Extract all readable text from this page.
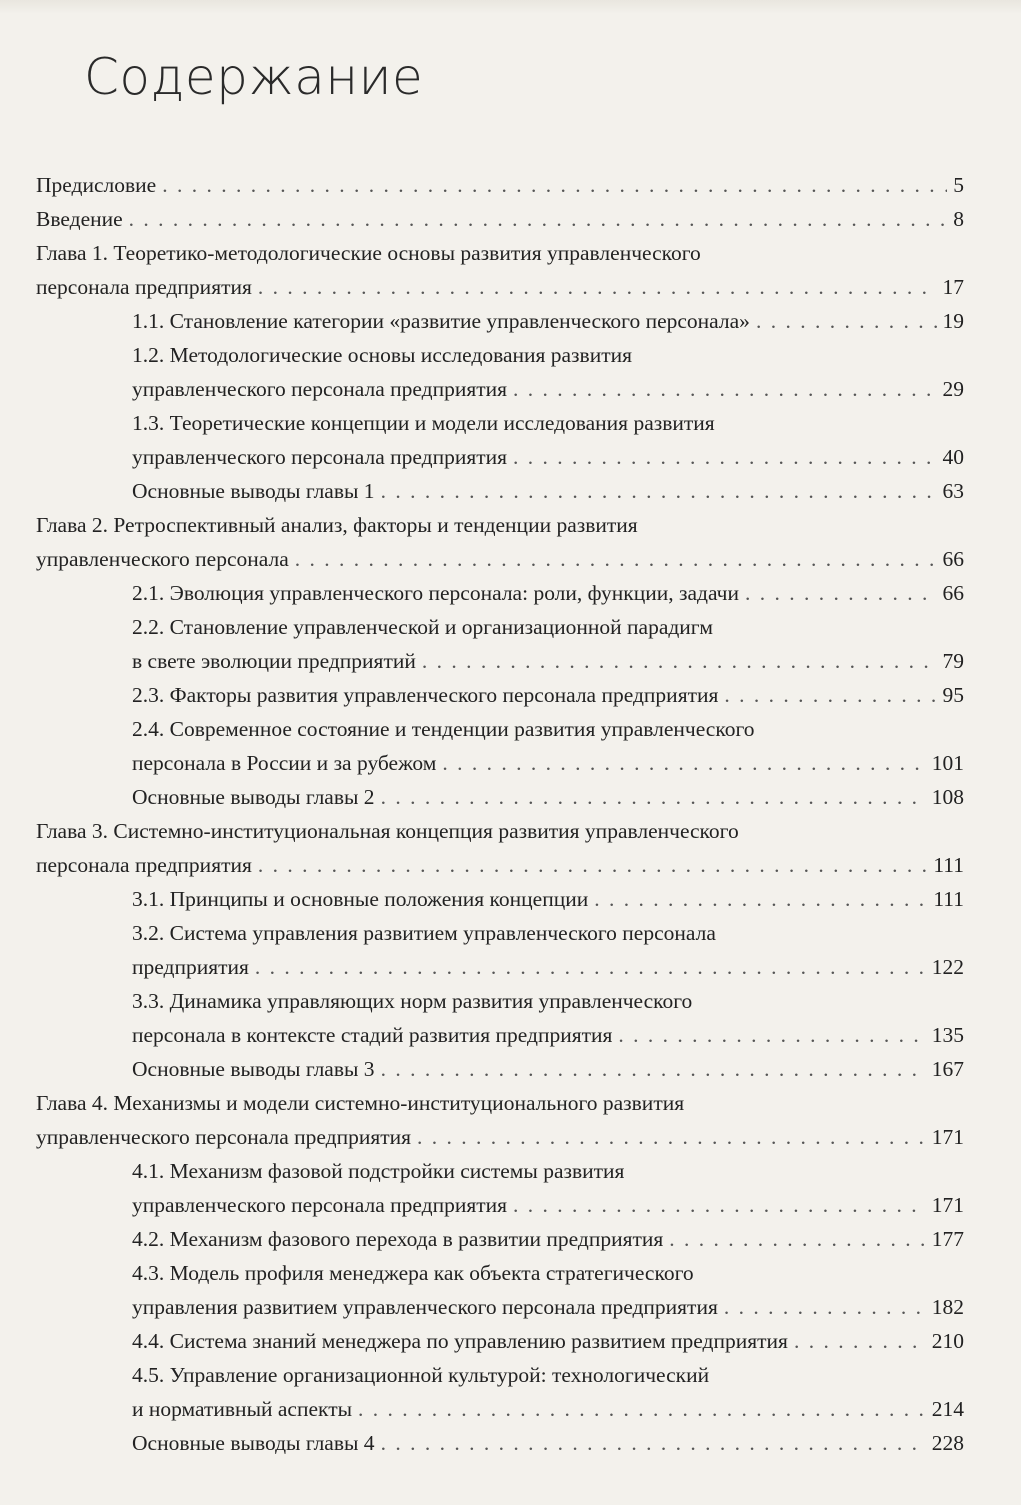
Содержание
Предисловие . . .	5
Введение . . .	8
Глава 1. Теоретико-методологические основы развития управленческого
персонала предприятия . . .	17
1.1. Становление категории «развитие управленческого персонала» . . .	19
1.2. Методологические основы исследования развития
управленческого персонала предприятия . . .	29
1.3. Теоретические концепции и модели исследования развития
управленческого персонала предприятия . . .	40
Основные выводы главы 1 . . .	63
Глава 2. Ретроспективный анализ, факторы и тенденции развития
управленческого персонала . . .	66
2.1. Эволюция управленческого персонала: роли, функции, задачи . . .	66
2.2. Становление управленческой и организационной парадигм
в свете эволюции предприятий . . .	79
2.3. Факторы развития управленческого персонала предприятия . . .	95
2.4. Современное состояние и тенденции развития управленческого
персонала в России и за рубежом . . .	101
Основные выводы главы 2 . . .	108
Глава 3. Системно-институциональная концепция развития управленческого
персонала предприятия . . .	111
3.1. Принципы и основные положения концепции . . .	111
3.2. Система управления развитием управленческого персонала
предприятия . . .	122
3.3. Динамика управляющих норм развития управленческого
персонала в контексте стадий развития предприятия . . .	135
Основные выводы главы 3 . . .	167
Глава 4. Механизмы и модели системно-институционального развития
управленческого персонала предприятия . . .	171
4.1. Механизм фазовой подстройки системы развития
управленческого персонала предприятия . . .	171
4.2. Механизм фазового перехода в развитии предприятия . . .	177
4.3. Модель профиля менеджера как объекта стратегического
управления развитием управленческого персонала предприятия . . .	182
4.4. Система знаний менеджера по управлению развитием предприятия . . .	210
4.5. Управление организационной культурой: технологический
и нормативный аспекты . . .	214
Основные выводы главы 4 . . .	228
